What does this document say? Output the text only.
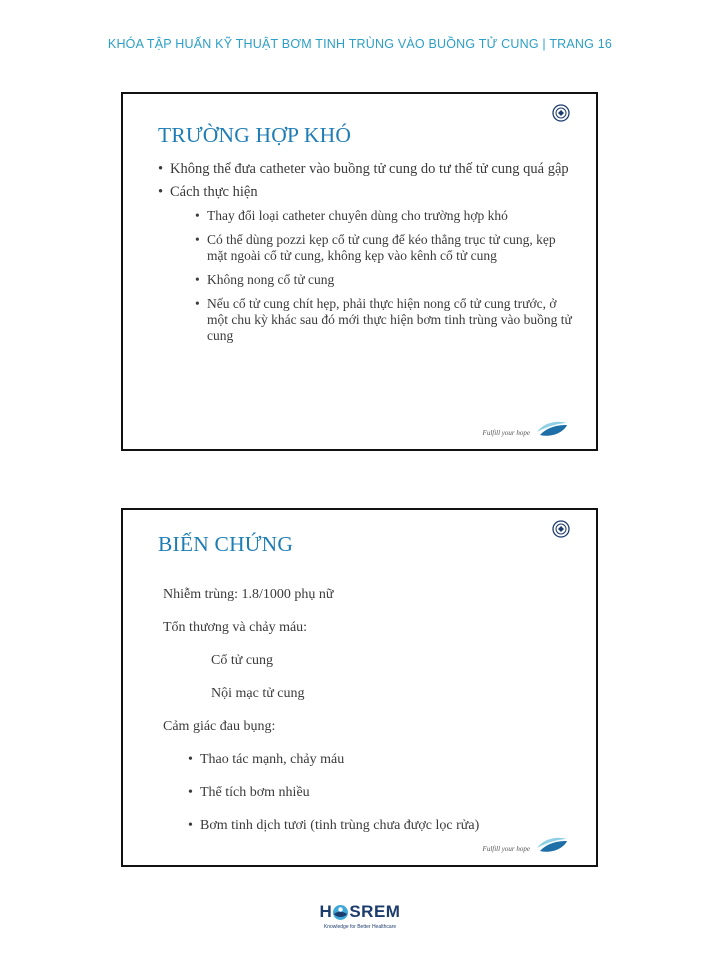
KHÓA TẬP HUẤN KỸ THUẬT BƠM TINH TRÙNG VÀO BUỒNG TỬ CUNG | TRANG 16
TRƯỜNG HỢP KHÓ
• Không thể đưa catheter vào buồng tử cung do tư thế tử cung quá gập
• Cách thực hiện
• Thay đổi loại catheter chuyên dùng cho trường hợp khó
• Có thể dùng pozzi kẹp cổ tử cung để kéo thẳng trục tử cung, kẹp mặt ngoài cổ tử cung, không kẹp vào kênh cổ tử cung
• Không nong cổ tử cung
• Nếu cổ tử cung chít hẹp, phải thực hiện nong cổ tử cung trước, ở một chu kỳ khác sau đó mới thực hiện bơm tinh trùng vào buồng tử cung
Fulfill your hope
BIẾN CHỨNG
Nhiễm trùng: 1.8/1000 phụ nữ
Tổn thương và chảy máu:
Cổ tử cung
Nội mạc tử cung
Cảm giác đau bụng:
• Thao tác mạnh, chảy máu
• Thể tích bơm nhiều
• Bơm tinh dịch tươi (tinh trùng chưa được lọc rửa)
Fulfill your hope
H SREM
Knowledge for Better Healthcare
